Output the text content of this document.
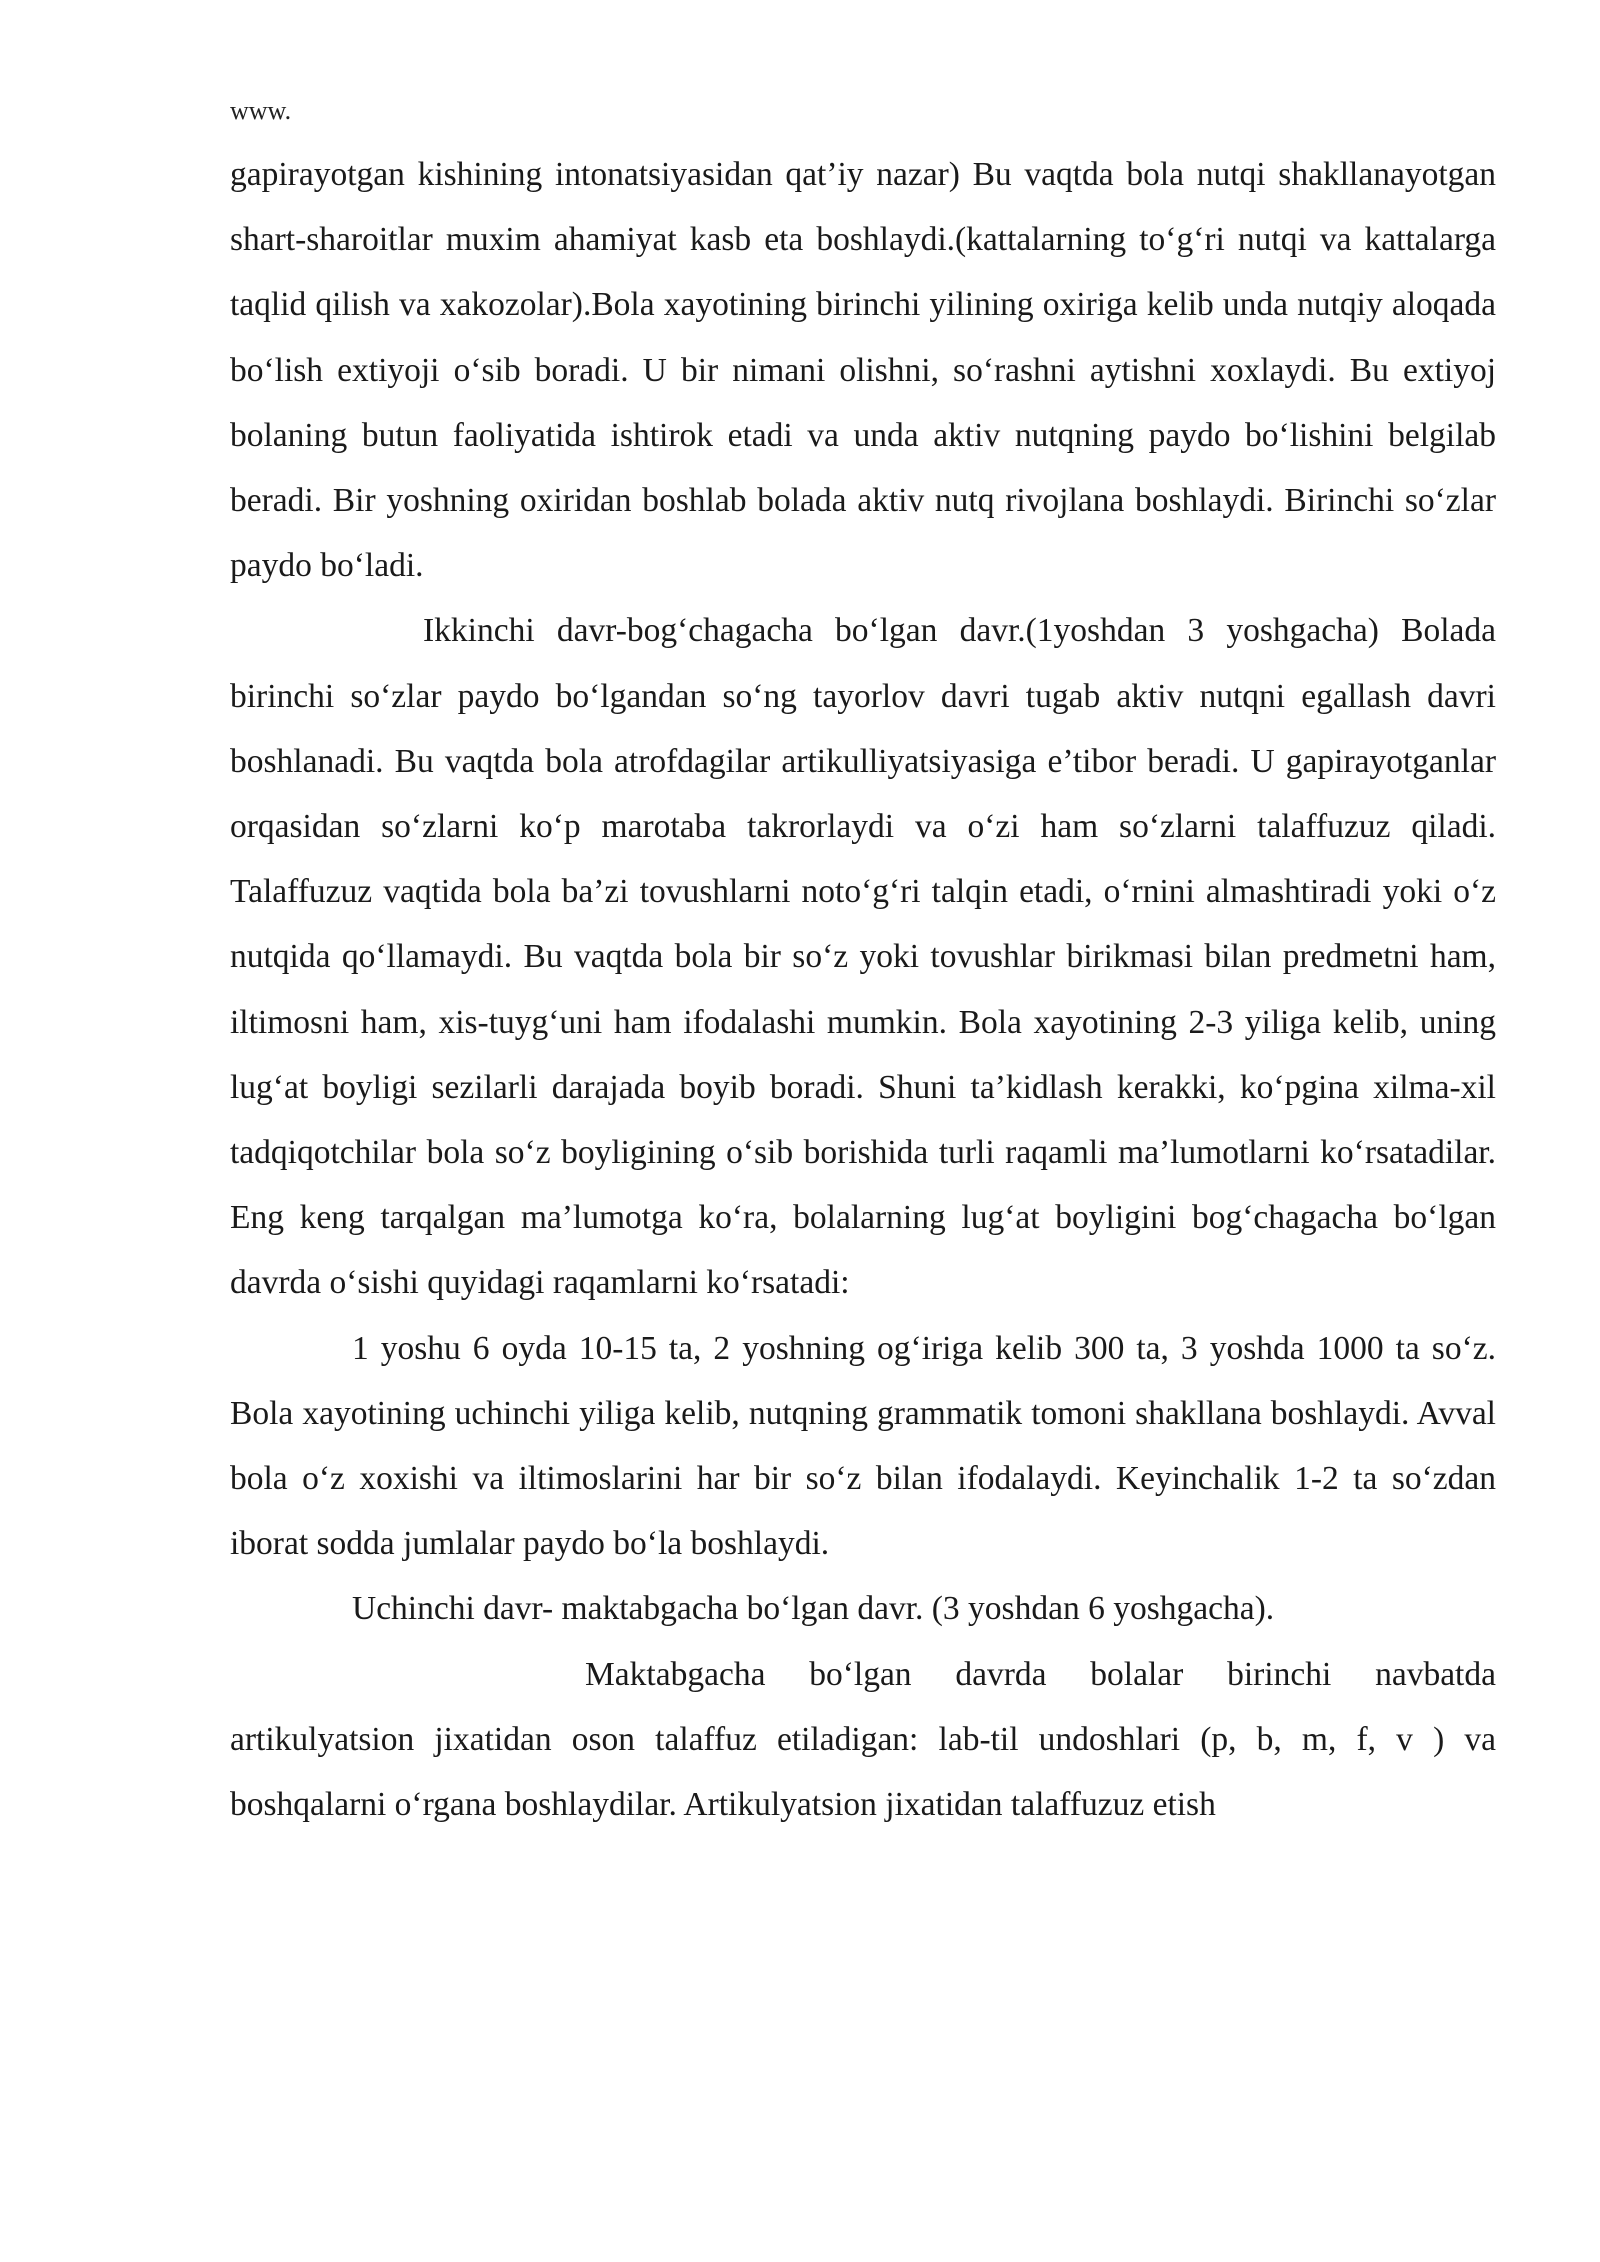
www.

gapirayotgan kishining intonatsiyasidan qat’iy nazar) Bu vaqtda bola nutqi shakllanayotgan shart-sharoitlar muxim ahamiyat kasb eta boshlaydi.(kattalarning to‘g‘ri nutqi va kattalarga taqlid qilish va xakozolar).Bola xayotining birinchi yilining oxiriga kelib unda nutqiy aloqada bo‘lish extiyoji o‘sib boradi. U bir nimani olishni, so‘rashni aytishni xoxlaydi. Bu extiyoj bolaning butun faoliyatida ishtirok etadi va unda aktiv nutqning paydo bo‘lishini belgilab beradi. Bir yoshning oxiridan boshlab bolada aktiv nutq rivojlana boshlaydi. Birinchi so‘zlar paydo bo‘ladi.

Ikkinchi davr-bog‘chagacha bo‘lgan davr.(1yoshdan 3 yoshgacha) Bolada birinchi so‘zlar paydo bo‘lgandan so‘ng tayorlov davri tugab aktiv nutqni egallash davri boshlanadi. Bu vaqtda bola atrofdagilar artikulliyatsiyasiga e’tibor beradi. U gapirayotganlar orqasidan so‘zlarni ko‘p marotaba takrorlaydi va o‘zi ham so‘zlarni talaffuzuz qiladi. Talaffuzuz vaqtida bola ba’zi tovushlarni noto‘g‘ri talqin etadi, o‘rnini almashtiradi yoki o‘z nutqida qo‘llamaydi. Bu vaqtda bola bir so‘z yoki tovushlar birikmasi bilan predmetni ham, iltimosni ham, xis-tuyg‘uni ham ifodalashi mumkin. Bola xayotining 2-3 yiliga kelib, uning lug‘at boyligi sezilarli darajada boyib boradi. Shuni ta’kidlash kerakki, ko‘pgina xilma-xil tadqiqotchilar bola so‘z boyligining o‘sib borishida turli raqamli ma’lumotlarni ko‘rsatadilar. Eng keng tarqalgan ma’lumotga ko‘ra, bolalarning lug‘at boyligini bog‘chagacha bo‘lgan davrda o‘sishi quyidagi raqamlarni ko‘rsatadi:

1 yoshu 6 oyda 10-15 ta, 2 yoshning og‘iriga kelib 300 ta, 3 yoshda 1000 ta so‘z. Bola xayotining uchinchi yiliga kelib, nutqning grammatik tomoni shakllana boshlaydi. Avval bola o‘z xoxishi va iltimoslarini har bir so‘z bilan ifodalaydi. Keyinchalik 1-2 ta so‘zdan iborat sodda jumlalar paydo bo‘la boshlaydi.

Uchinchi davr- maktabgacha bo‘lgan davr. (3 yoshdan 6 yoshgacha).

Maktabgacha bo‘lgan davrda bolalar birinchi navbatda artikulyatsion jixatidan oson talaffuz etiladigan: lab-til undoshlari (p, b, m, f, v ) va boshqalarni o‘rgana boshlaydilar. Artikulyatsion jixatidan talaffuzuz etish
